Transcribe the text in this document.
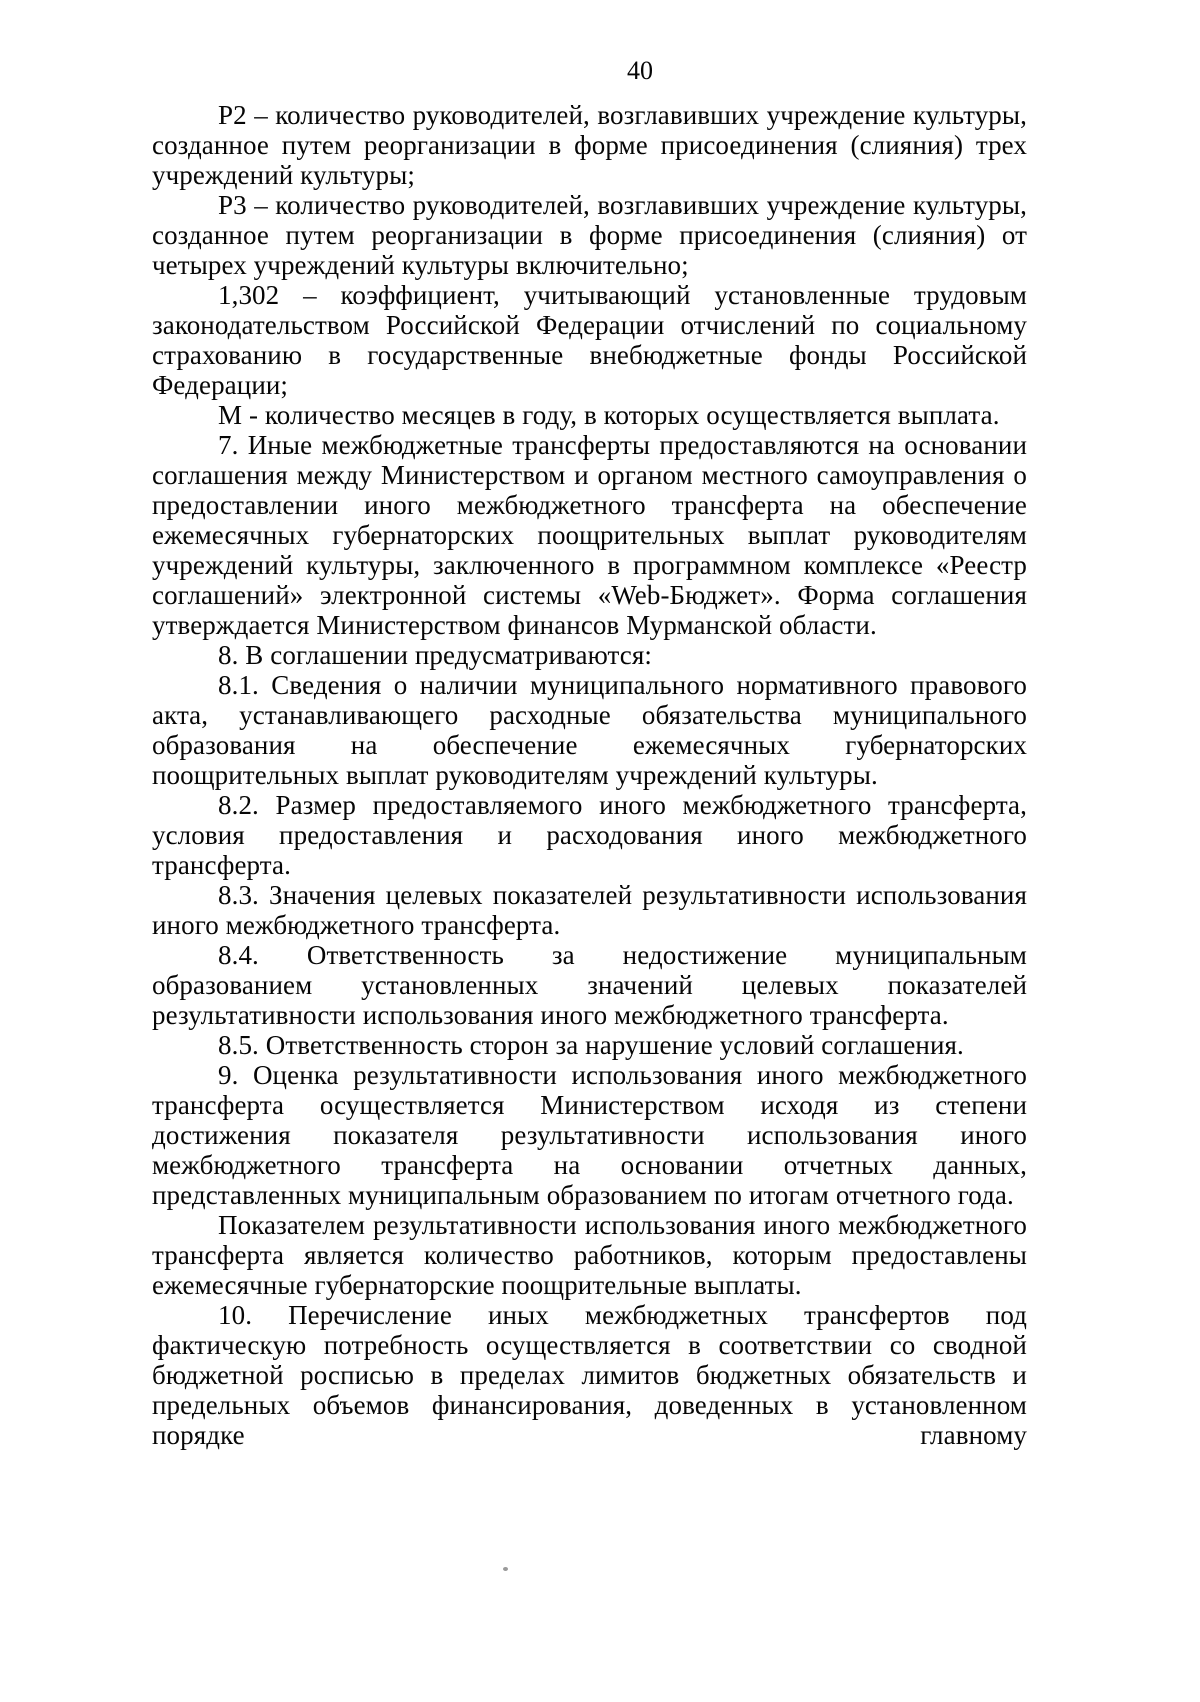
40

Р2 – количество руководителей, возглавивших учреждение культуры, созданное путем реорганизации в форме присоединения (слияния) трех учреждений культуры;

Р3 – количество руководителей, возглавивших учреждение культуры, созданное путем реорганизации в форме присоединения (слияния) от четырех учреждений культуры включительно;

1,302 – коэффициент, учитывающий установленные трудовым законодательством Российской Федерации отчислений по социальному страхованию в государственные внебюджетные фонды Российской Федерации;

М - количество месяцев в году, в которых осуществляется выплата.

7. Иные межбюджетные трансферты предоставляются на основании соглашения между Министерством и органом местного самоуправления о предоставлении иного межбюджетного трансферта на обеспечение ежемесячных губернаторских поощрительных выплат руководителям учреждений культуры, заключенного в программном комплексе «Реестр соглашений» электронной системы «Web-Бюджет». Форма соглашения утверждается Министерством финансов Мурманской области.

8. В соглашении предусматриваются:

8.1. Сведения о наличии муниципального нормативного правового акта, устанавливающего расходные обязательства муниципального образования на обеспечение ежемесячных губернаторских поощрительных выплат руководителям учреждений культуры.

8.2. Размер предоставляемого иного межбюджетного трансферта, условия предоставления и расходования иного межбюджетного трансферта.

8.3. Значения целевых показателей результативности использования иного межбюджетного трансферта.

8.4. Ответственность за недостижение муниципальным образованием установленных значений целевых показателей результативности использования иного межбюджетного трансферта.

8.5. Ответственность сторон за нарушение условий соглашения.

9. Оценка результативности использования иного межбюджетного трансферта осуществляется Министерством исходя из степени достижения показателя результативности использования иного межбюджетного трансферта на основании отчетных данных, представленных муниципальным образованием по итогам отчетного года.

Показателем результативности использования иного межбюджетного трансферта является количество работников, которым предоставлены ежемесячные губернаторские поощрительные выплаты.

10. Перечисление иных межбюджетных трансфертов под фактическую потребность осуществляется в соответствии со сводной бюджетной росписью в пределах лимитов бюджетных обязательств и предельных объемов финансирования, доведенных в установленном порядке главному
